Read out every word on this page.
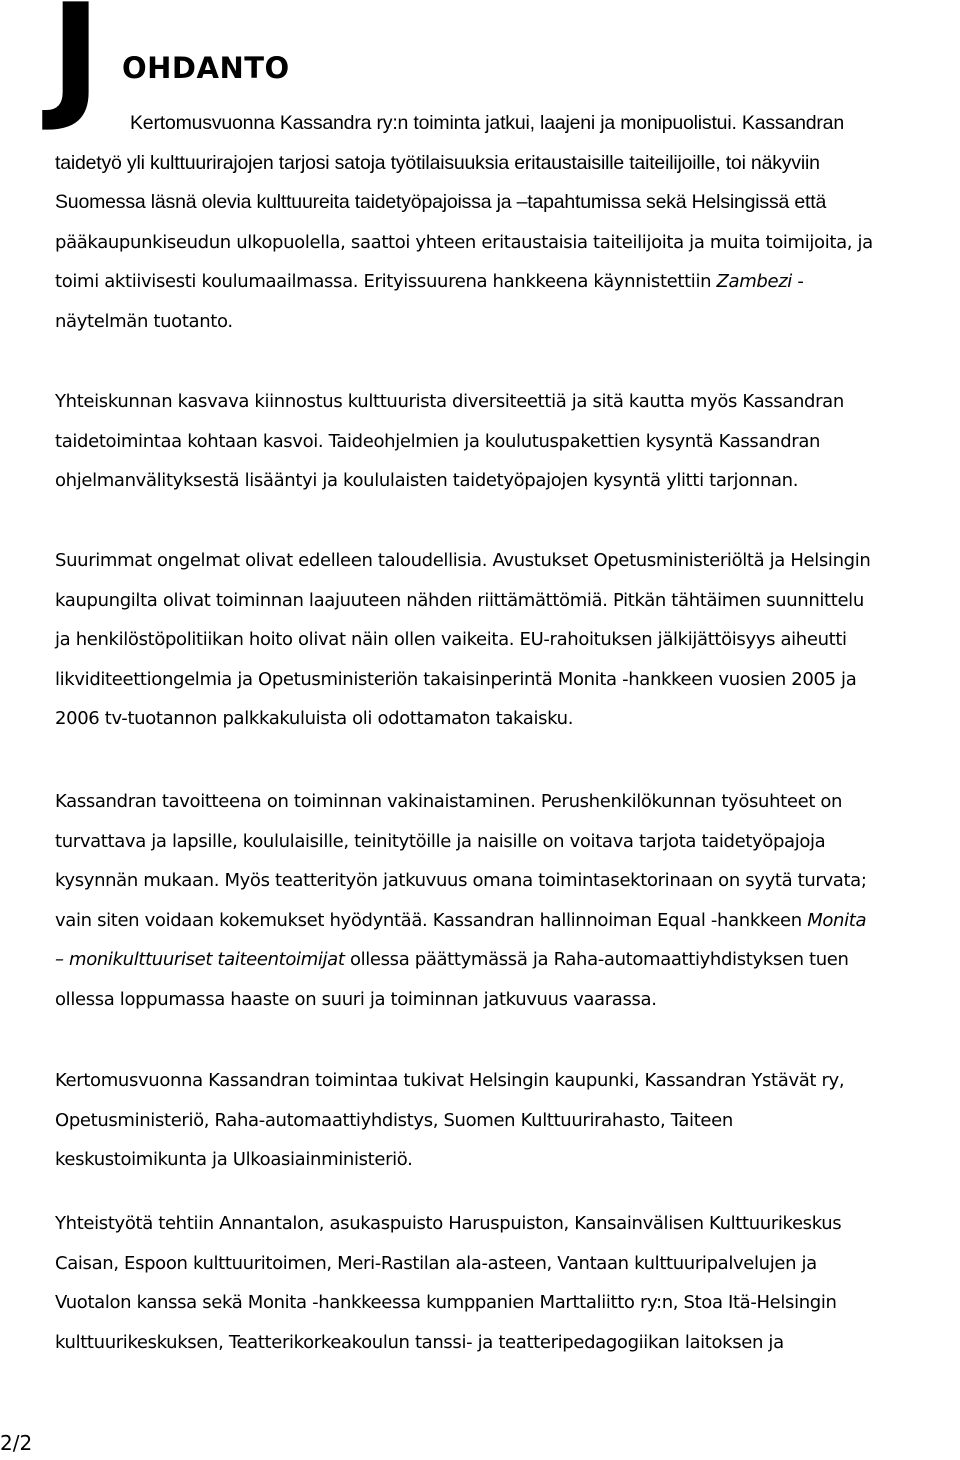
J OHDANTO

Kertomusvuonna Kassandra ry:n toiminta jatkui, laajeni ja monipuolistui. Kassandran
taidetyö yli kulttuurirajojen tarjosi satoja työtilaisuuksia eritaustaisille taiteilijoille, toi näkyviin
Suomessa läsnä olevia kulttuureita taidetyöpajoissa ja –tapahtumissa sekä Helsingissä että
pääkaupunkiseudun ulkopuolella, saattoi yhteen eritaustaisia taiteilijoita ja muita toimijoita, ja
toimi aktiivisesti koulumaailmassa. Erityissuurena hankkeena käynnistettiin Zambezi -
näytelmän tuotanto.

Yhteiskunnan kasvava kiinnostus kulttuurista diversiteettiä ja sitä kautta myös Kassandran
taidetoimintaa kohtaan kasvoi. Taideohjelmien ja koulutuspakettien kysyntä Kassandran
ohjelmanvälityksestä lisääntyi ja koululaisten taidetyöpajojen kysyntä ylitti tarjonnan.

Suurimmat ongelmat olivat edelleen taloudellisia. Avustukset Opetusministeriöltä ja Helsingin
kaupungilta olivat toiminnan laajuuteen nähden riittämättömiä. Pitkän tähtäimen suunnittelu
ja henkilöstöpolitiikan hoito olivat näin ollen vaikeita. EU-rahoituksen jälkijättöisyys aiheutti
likviditeettiongelmia ja Opetusministeriön takaisinperintä Monita -hankkeen vuosien 2005 ja
2006 tv-tuotannon palkkakuluista oli odottamaton takaisku.

Kassandran tavoitteena on toiminnan vakinaistaminen. Perushenkilökunnan työsuhteet on
turvattava ja lapsille, koululaisille, teinitytöille ja naisille on voitava tarjota taidetyöpajoja
kysynnän mukaan. Myös teatterityön jatkuvuus omana toimintasektorinaan on syytä turvata;
vain siten voidaan kokemukset hyödyntää. Kassandran hallinnoiman Equal -hankkeen Monita
– monikulttuuriset taiteentoimijat ollessa päättymässä ja Raha-automaattiyhdistyksen tuen
ollessa loppumassa haaste on suuri ja toiminnan jatkuvuus vaarassa.

Kertomusvuonna Kassandran toimintaa tukivat Helsingin kaupunki, Kassandran Ystävät ry,
Opetusministeriö, Raha-automaattiyhdistys, Suomen Kulttuurirahasto, Taiteen
keskustoimikunta ja Ulkoasiainministeriö.

Yhteistyötä tehtiin Annantalon, asukaspuisto Haruspuiston, Kansainvälisen Kulttuurikeskus
Caisan, Espoon kulttuuritoimen, Meri-Rastilan ala-asteen, Vantaan kulttuuripalvelujen ja
Vuotalon kanssa sekä Monita -hankkeessa kumppanien Marttaliitto ry:n, Stoa Itä-Helsingin
kulttuurikeskuksen, Teatterikorkeakoulun tanssi- ja teatteripedagogiikan laitoksen ja

2/2
